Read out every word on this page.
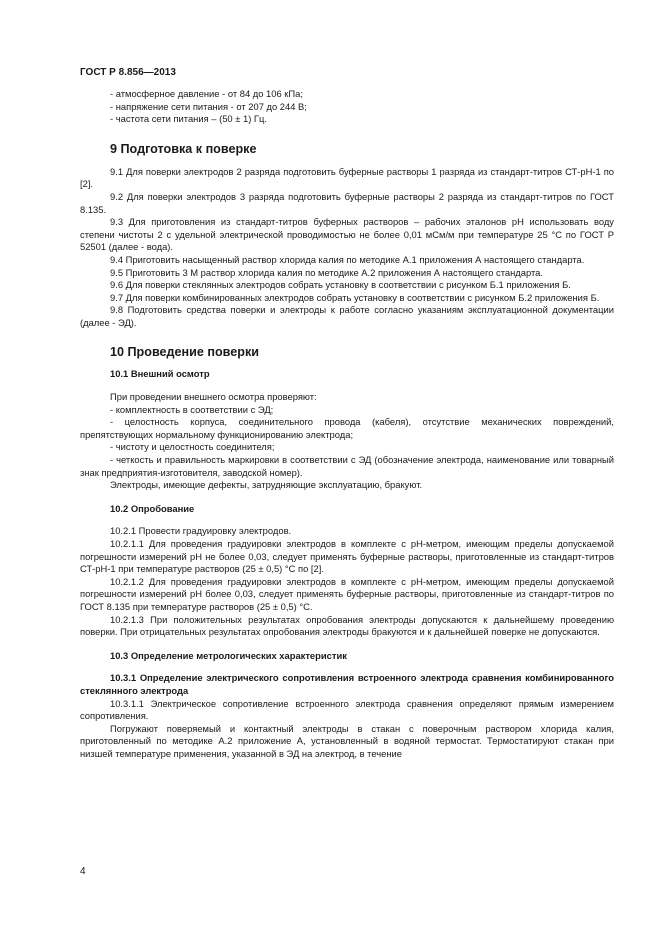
ГОСТ Р 8.856—2013

- атмосферное давление - от 84 до 106 кПа;

- напряжение сети питания - от 207 до 244 В;

- частота сети питания – (50 ± 1) Гц.

9 Подготовка к поверке

9.1 Для поверки электродов 2 разряда подготовить буферные растворы 1 разряда из стандарт-титров СТ-рН-1 по [2].

9.2 Для поверки электродов 3 разряда подготовить буферные растворы 2 разряда из стандарт-титров по ГОСТ 8.135.

9.3 Для приготовления из стандарт-титров буферных растворов – рабочих эталонов рН использовать воду степени чистоты 2 с удельной электрической проводимостью не более 0,01 мСм/м при температуре 25 °С по ГОСТ Р 52501 (далее - вода).

9.4 Приготовить насыщенный раствор хлорида калия по методике А.1 приложения А настоящего стандарта.

9.5 Приготовить 3 М раствор хлорида калия по методике А.2 приложения А настоящего стандарта.

9.6 Для поверки стеклянных электродов собрать установку в соответствии с рисунком Б.1 приложения Б.

9.7 Для поверки комбинированных электродов собрать установку в соответствии с рисунком Б.2 приложения Б.

9.8 Подготовить средства поверки и электроды к работе согласно указаниям эксплуатационной документации (далее - ЭД).

10 Проведение поверки

10.1 Внешний осмотр

При проведении внешнего осмотра проверяют:

- комплектность в соответствии с ЭД;

- целостность корпуса, соединительного провода (кабеля), отсутствие механических повреждений, препятствующих нормальному функционированию электрода;

- чистоту и целостность соединителя;

- четкость и правильность маркировки в соответствии с ЭД (обозначение электрода, наименование или товарный знак предприятия-изготовителя, заводской номер).

Электроды, имеющие дефекты, затрудняющие эксплуатацию, бракуют.

10.2 Опробование

10.2.1 Провести градуировку электродов.

10.2.1.1 Для проведения градуировки электродов в комплекте с рН-метром, имеющим пределы допускаемой погрешности измерений рН не более 0,03, следует применять буферные растворы, приготовленные из стандарт-титров СТ-рН-1 при температуре растворов (25 ± 0,5) °С по [2].

10.2.1.2 Для проведения градуировки электродов в комплекте с рН-метром, имеющим пределы допускаемой погрешности измерений рН более 0,03, следует применять буферные растворы, приготовленные из стандарт-титров по ГОСТ 8.135 при температуре растворов (25 ± 0,5) °С.

10.2.1.3 При положительных результатах опробования электроды допускаются к дальнейшему проведению поверки. При отрицательных результатах опробования электроды бракуются и к дальнейшей поверке не допускаются.

10.3 Определение метрологических характеристик

10.3.1 Определение электрического сопротивления встроенного электрода сравнения комбинированного стеклянного электрода

10.3.1.1 Электрическое сопротивление встроенного электрода сравнения определяют прямым измерением сопротивления.

Погружают поверяемый и контактный электроды в стакан с поверочным раствором хлорида калия, приготовленный по методике А.2 приложение А, установленный в водяной термостат. Термостатируют стакан при низшей температуре применения, указанной в ЭД на электрод, в течение

4
